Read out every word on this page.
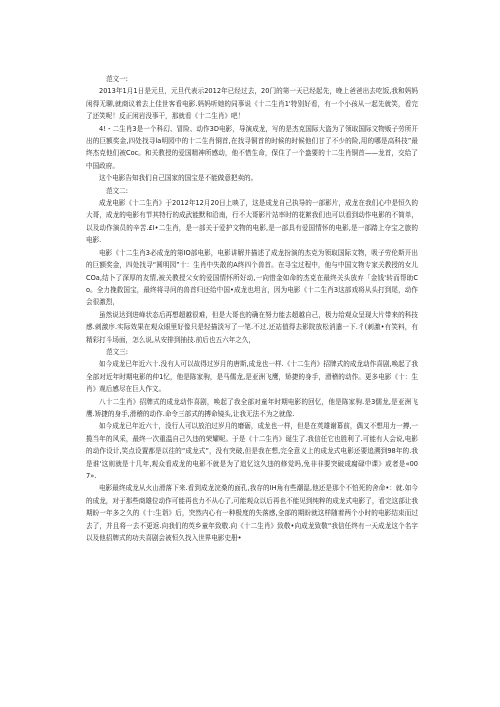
范文一:

2013年1月1日是元旦，元旦代表示2012年已经过去，20门的第一天已经起先，晚上爸爸出去吃饭,我和妈妈闲得无聊,就商议着去上佳世客看电影.妈妈听她的同事说《十二生肖1'特别好看，有一个小孩从一起先就笑，看完了还笑呢！反正闲岩没事干，那就看《十二生肖》吧！

4!・二生肖3是一个科幻、冒险、动作3D电影，导演成龙，写的是杰克国际大盗为了领取国际文物贩子劳所开出的巨额奖金,四处找寻la明园中的十二生肖铜首,在找寻铜首的时候的时候他们甘了不少的险,用的哪是高科技”最终杰克他们被Coc。和关教授的爱国精神所感动，他不惜生命，保住了一个盎要的十二生肖铜首——龙首，交给了中国政府。

这个电影告知我们自己国家的国宝是不能做意把卖的。

范文二:

成龙电影《十二生肖》于2012年12月20日上映了，这是成龙自己执导的一部影片，成龙在我们心中是恒久的大哥，成龙的电影有节其特行的成武能默和沿南，行不大哥影片站率时的花絮我们也可以看到动作电影的不简单，以及动作演员的辛苦.£I•二生肖，是一部关于爱护文物的电影,是一部具有爱国情怀的电影,是一部踏上夺宝之旅的电影.

电影《十二生肖3必成龙的第IO部电影，电影讲解并描述了成龙扮演的杰克为领取国际文物，吸子劳伦斯开出的巨额奖金，四处找寻“圆明园”十：生肖中失散的A终四个兽首。在寻宝过程中，他与中国文物专家关教授的女儿COa,结卜了深厚的友情,被关教授父女的爱国情怀所好动,一向惜金如命的杰克在最终关头放弃「金钱'转而帮助Co。全力挽救国宝，最终将寻问的兽首归还给中国•成龙也坦言，因为电影《十二生肖3这部戏将从头打到尾，动作会很激烈，

虽然说达到进峰状态后再想超越很难，但是大哥也的确在努力能去超越自己，极力给观众呈现大片带来的科技感.刺激序.实际效果在观众眼里好像只是轻描淡写了一笔.不过.还站值得去影院放松消遣一下.彳(刺激•有笑料，有精彩打斗场面，怎么说,从安排到抽技.前后也五六年之久，

范文三:

如今成龙已年近六十.没有人可以故得过岁月的唐斯,成龙也一样.《十二生肖》招牌式的成龙动作喜剧,唤起了我全部对近年时期电影的仲1忆，他是陈家驹，是马儒龙,是亚洲飞鹰，矫捷的身手，滑稽的动作。更多电影《十：生肖》观后感尽在巨人作文。

八十二生肖》招牌式的成龙动作喜剧，唤起了我全部对童年时期电影的回忆，他是陈家驹.是3儒龙,是亚洲飞鹰.矫捷的身手,滑稽的动作.命令三部式的搏命镜头,让我无法不为之就像.

如今成龙已年近六十，没行人可以放泊过岁月的磨砺，成龙也一样，但是在英雄谢幕前，偶又不想用力一搏,一揽当年的风采，最终一次重温自己久违的荣耀呢。于是《十二生肖》诞生了.我信任它也胜利了.可能有人会说,电影的动作设计,笑点设置都是以往的“成龙式”，没有突破,但是我在想,完全意义上的成龙式电影还要追溯到98年的.我是谁'这则就是十几年,观众看成龙的电影不就是为了追忆这久违的修觉吗,免非非要突破成腐碌中课》或者是«007».

电影最终成龙从火山滑落下来.看到成龙浣桑的面孔,我存的IH角有些潮湿,他还是那个不怕死的舍命•：就.如今的成龙，对于那些商雄位动作可能再也力不从心了,可能观众以后再也不能见到纯粹的成龙式电影了，看完这部让我期盼一年多之久的《十:生诣》后，突然内心有一种极度的失落感,全部的期盼就这样随着两个小时的电影结束而过去了，并且将一去不更返.向我们的英乡童年致敬.向《十二生肖》致敬•向成龙致敬“我信任终有一天成龙这个名字以及他招牌式的功夫喜剧会被恒久找入世界电影史册•
